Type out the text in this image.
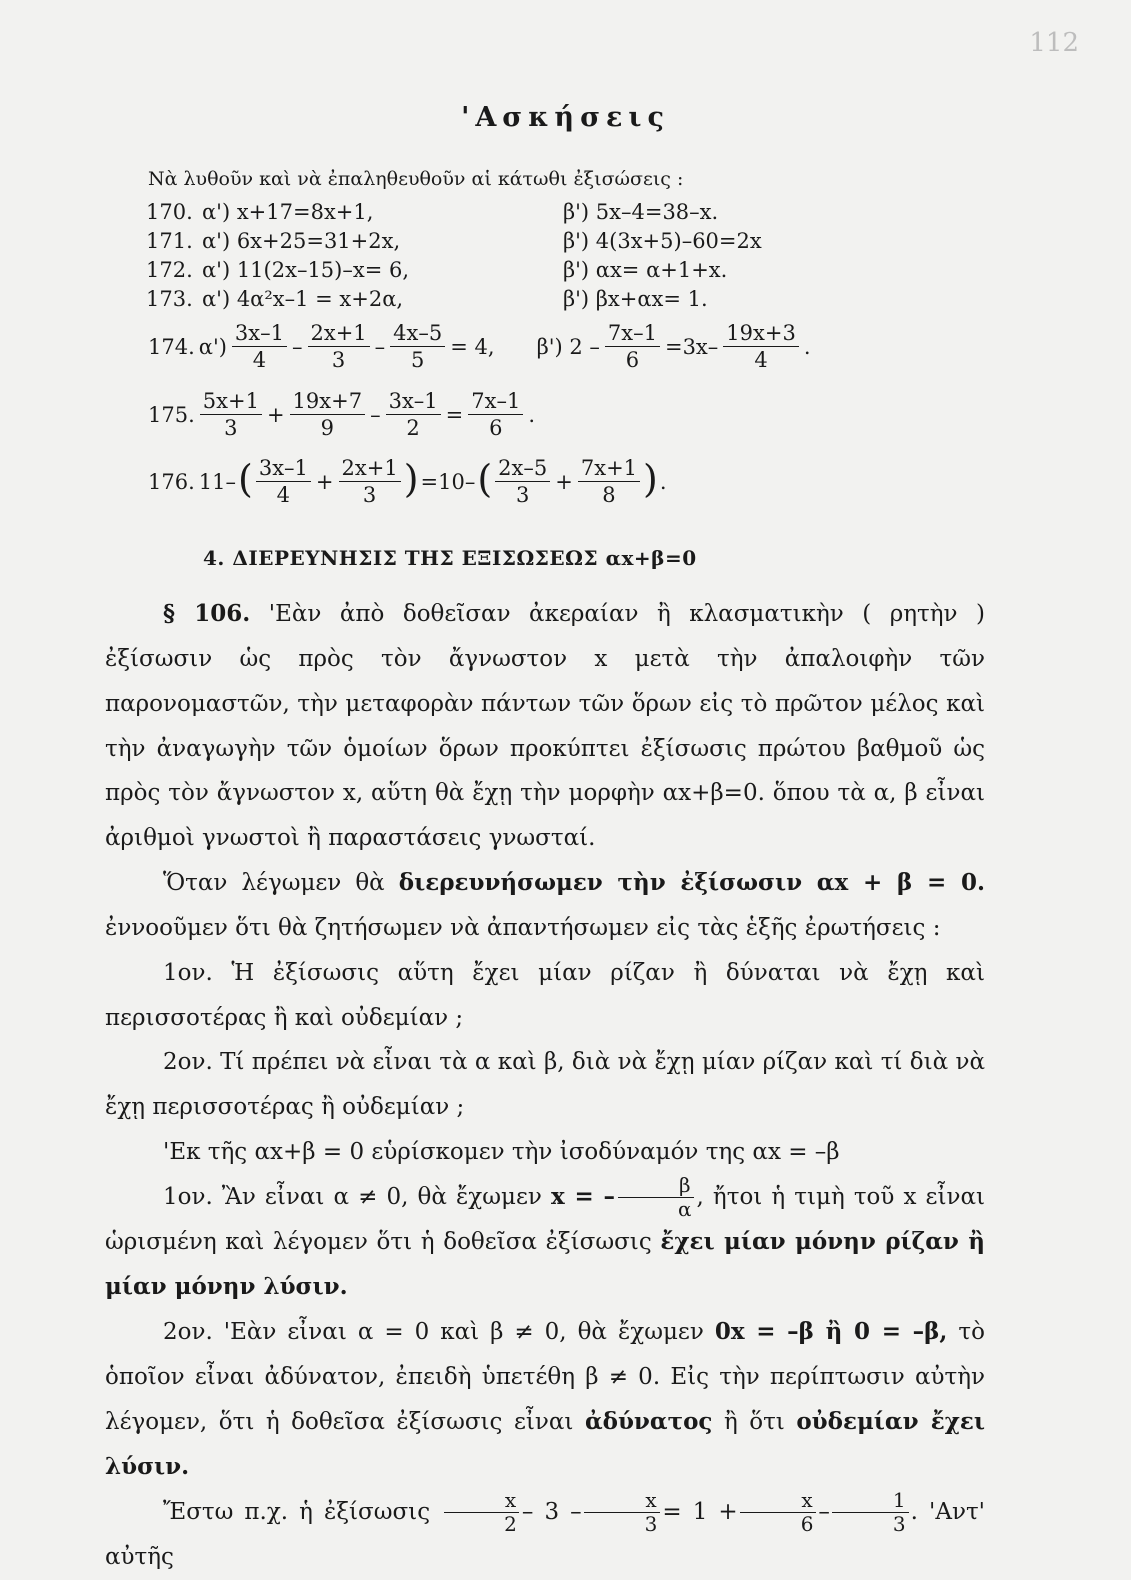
112
'Ασκήσεις
Νὰ λυθοῦν καὶ νὰ ἐπαληθευθοῦν αἱ κάτωθι ἐξισώσεις :
170. α') x+17=8x+1,	β') 5x–4=38–x.
171. α') 6x+25=31+2x,	β') 4(3x+5)–60=2x
172. α') 11(2x–15)–x= 6,	β') αx= α+1+x.
173. α') 4α²x–1 = x+2α,	β') βx+αx= 1.
174. $\alpha') \frac{3x-1}{4} - \frac{2x+1}{3} - \frac{4x-5}{5} = 4$, β') $2 - \frac{7x-1}{6} =3x- \frac{19x+3}{4}$ .
175. $\frac{5x+1}{3} + \frac{19x+7}{9} - \frac{3x-1}{2} = \frac{7x-1}{6}$ .
176. 11– ( $\frac{3x-1}{4} + \frac{2x+1}{3}$ ) =10– ( $\frac{2x-5}{3} + \frac{7x+1}{8}$ ) .
4. ΔΙΕΡΕΥΝΗΣΙΣ ΤΗΣ ΕΞΙΣΩΣΕΩΣ αx+β=0

§ 106. 'Εὰν ἀπὸ δοθεῖσαν ἀκεραίαν ἢ κλασματικὴν ( ρητὴν ) ἐξίσωσιν ὡς πρὸς τὸν ἄγνωστον x μετὰ τὴν ἀπαλοιφὴν τῶν παρονομαστῶν, τὴν μεταφορὰν πάντων τῶν ὅρων εἰς τὸ πρῶτον μέλος καὶ τὴν ἀναγωγὴν τῶν ὁμοίων ὅρων προκύπτει ἐξίσωσις πρώτου βαθμοῦ ὡς πρὸς τὸν ἄγνωστον x, αὕτη θὰ ἔχῃ τὴν μορφὴν αx+β=0. ὅπου τὰ α, β εἶναι ἀριθμοὶ γνωστοὶ ἢ παραστάσεις γνωσταί.

Ὅταν λέγωμεν θὰ διερευνήσωμεν τὴν ἐξίσωσιν αx + β = 0. ἐννοοῦμεν ὅτι θὰ ζητήσωμεν νὰ ἀπαντήσωμεν εἰς τὰς ἑξῆς ἐρωτήσεις :

1ον. Ἡ ἐξίσωσις αὕτη ἔχει μίαν ρίζαν ἢ δύναται νὰ ἔχῃ καὶ περισσοτέρας ἢ καὶ οὐδεμίαν ;

2ον. Τί πρέπει νὰ εἶναι τὰ α καὶ β, διὰ νὰ ἔχῃ μίαν ρίζαν καὶ τί διὰ νὰ ἔχῃ περισσοτέρας ἢ οὐδεμίαν ;

'Εκ τῆς αx+β = 0 εὑρίσκομεν τὴν ἰσοδύναμόν της αx = –β

1ον. Ἂν εἶναι α ≠ 0, θὰ ἔχωμεν x = – $\frac{\beta}{\alpha}$ , ἤτοι ἡ τιμὴ τοῦ x εἶναι ὡρισμένη καὶ λέγομεν ὅτι ἡ δοθεῖσα ἐξίσωσις ἔχει μίαν μόνην ρίζαν ἢ μίαν μόνην λύσιν.

2ον. 'Εὰν εἶναι α = 0 καὶ β ≠ 0, θὰ ἔχωμεν 0x = –β ἢ 0 = –β, τὸ ὁποῖον εἶναι ἀδύνατον, ἐπειδὴ ὑπετέθη β ≠ 0. Εἰς τὴν περίπτωσιν αὐτὴν λέγομεν, ὅτι ἡ δοθεῖσα ἐξίσωσις εἶναι ἀδύνατος ἢ ὅτι οὐδεμίαν ἔχει λύσιν.

Ἔστω π.χ. ἡ ἐξίσωσις $\frac{x}{2} - 3 - \frac{x}{3} = 1 + \frac{x}{6} - \frac{1}{3}$ . 'Αντ' αὐτῆς
